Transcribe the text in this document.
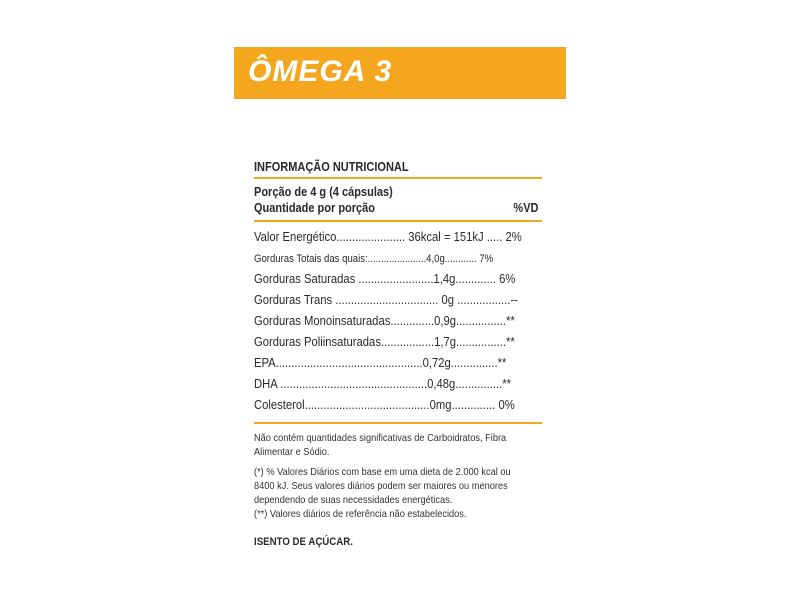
ÔMEGA 3
INFORMAÇÃO NUTRICIONAL
Porção de 4 g (4 cápsulas)
Quantidade por porção	%VD
Valor Energético...................... 36kcal = 151kJ ..... 2%
Gorduras Totais das quais:......................4,0g............ 7%
Gorduras Saturadas ........................1,4g............. 6%
Gorduras Trans ................................. 0g .................--
Gorduras Monoinsaturadas..............0,9g................**
Gorduras Poliinsaturadas.................1,7g................**
EPA...............................................0,72g...............**
DHA ...............................................0,48g...............**
Colesterol........................................0mg.............. 0%
Não contém quantidades significativas de Carboidratos, Fibra
Alimentar e Sódio.
(*) % Valores Diários com base em uma dieta de 2.000 kcal ou
8400 kJ. Seus valores diários podem ser maiores ou menores
dependendo de suas necessidades energéticas.
(**) Valores diários de referência não estabelecidos.
ISENTO DE AÇÚCAR.
